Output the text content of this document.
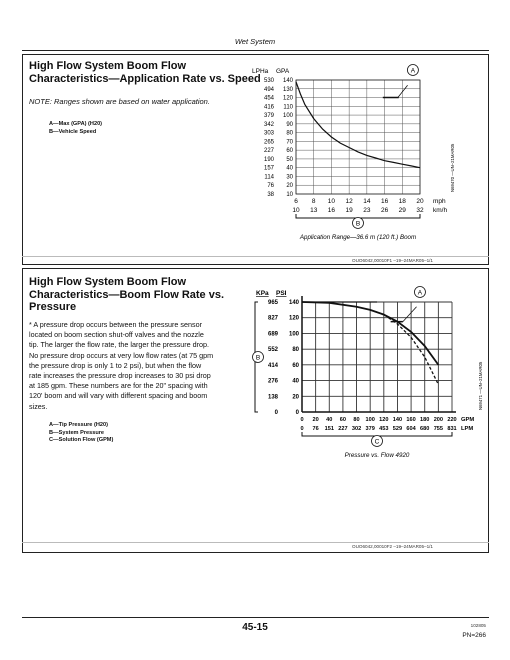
Wet System
High Flow System Boom Flow
Characteristics—Application Rate vs. Speed
NOTE: Ranges shown are based on water application.
A—Max (GPA) (H20)
B—Vehicle Speed
LPHa GPA
10
38
20
76
30
114
40
157
50
190
60
227
70
265
80
303
90
342
100
379
110
416
120
454
130
494
140
530
6
10
8
13
10
16
12
19
14
23
16
26
18
29
20
32
mph
km/h
A
B
Application Range—36.6 m (120 ft.) Boom
N69470 —UN–21MAR05
OUO6042,00010F1 –19–24MAR05–1/1
High Flow System Boom Flow
Characteristics—Boom Flow Rate vs.
Pressure
* A pressure drop occurs between the pressure sensor
located on boom section shut-off valves and the nozzle
tip. The larger the flow rate, the larger the pressure drop.
No pressure drop occurs at very low flow rates (at 75 gpm
the pressure drop is only 1 to 2 psi), but when the flow
rate increases the pressure drop increases to 30 psi drop
at 185 gpm. These numbers are for the 20" spacing with
120' boom and will vary with different spacing and boom
sizes.
A—Tip Pressure (H20)
B—System Pressure
C—Solution Flow (GPM)
KPa PSI
0
0
20
138
40
276
60
414
80
552
100
689
120
827
140
965
0
0
20
76
40
151
60
227
80
302
100
379
120
453
140
529
160
604
180
680
200
755
220
831
GPM
LPM
A
B
C
Pressure vs. Flow 4920
N69471 —UN–21MAR05
OUO6042,00010F2 –19–24MAR05–1/1
45-15	102805
PN=266
